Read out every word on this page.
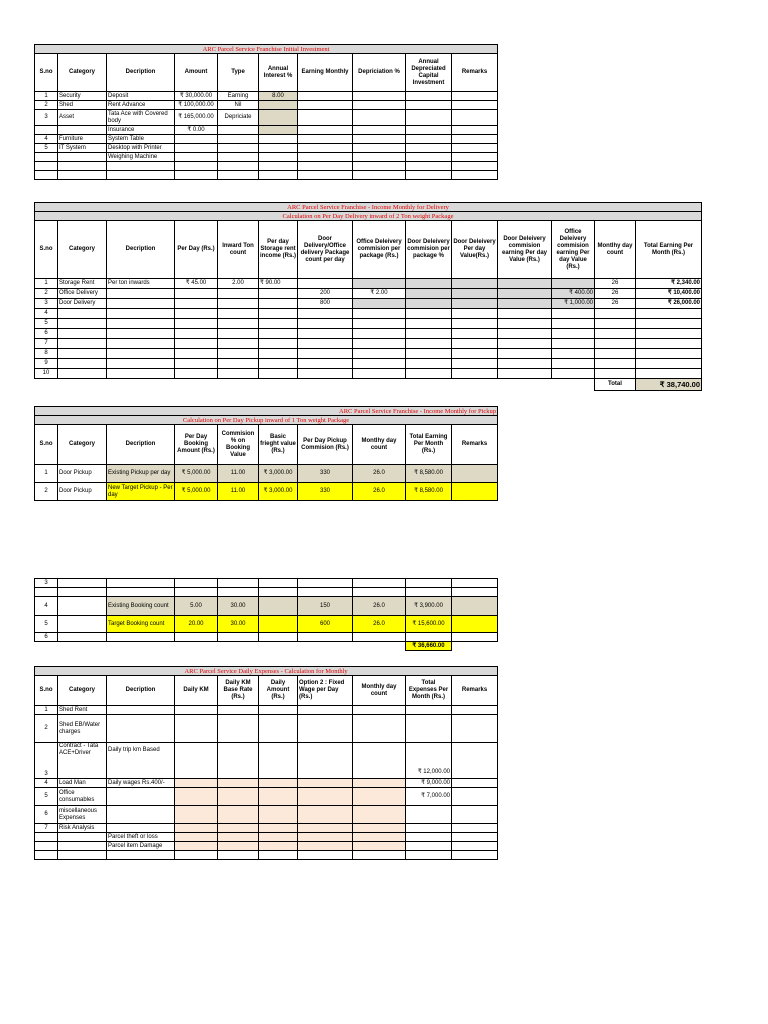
ARC Parcel Service Franchise Initial Investment									
S.no	Category	Decription	Amount	Type	Annual Interest %	Earning Monthly	Depriciation %	Annual Depreciated Capital Investment	Remarks
1	Security	Deposit	₹ 30,000.00	Earning	8.00				
2	Shed	Rent Advance	₹ 100,000.00	Nil					
3	Asset	Tata Ace with Covered body	₹ 165,000.00	Depriciate					
		Insurance	₹ 0.00						
4	Furniture	System Table							
5	IT System	Desktop with Printer							
		Weighing Machine							

ARC Parcel Service Franchise - Income Monthly for Delivery													
Calculation on Per Day Delivery inward of 2 Ton weight Package													
S.no	Category	Decription	Per Day (Rs.)	Inward Ton count	Per day Storage rent income (Rs.)	Door Delivery/Office delivery Package count per day	Office Deleivery commision per package (Rs.)	Door Deleivery commision per package %	Door Deleivery Per day Value(Rs.)	Door Deleivery commision earning Per day Value (Rs.)	Office Deleivery commision earning Per day Value (Rs.)	Montlhy day count	Total Earning Per Month (Rs.)
1	Storage Rent	Per ton inwards	₹ 45.00	2.00	₹ 90.00							26	₹ 2,340.00
2	Office Delivery					200	₹ 2.00				₹ 400.00	26	₹ 10,400.00
3	Door Delivery					800					₹ 1,000.00	26	₹ 26,000.00
4													
5													
6													
7													
8													
9													
10													
												Total	₹ 38,740.00
ARC Parcel Service Franchise - Income Monthly for Pickup									
Calculation on Per Day Pickup inward of 1 Ton weight Package									
S.no	Category	Decription	Per Day Booking Amount (Rs.)	Commision % on Booking Value	Basic frieght value (Rs.)	Per Day Pickup Commision (Rs.)	Montlhy day count	Total Earning Per Month (Rs.)	Remarks
1	Door Pickup	Existing Pickup per day	₹ 5,000.00	11.00	₹ 3,000.00	330	26.0	₹ 8,580.00	
2	Door Pickup	New Target Pickup - Per day	₹ 5,000.00	11.00	₹ 3,000.00	330	26.0	₹ 8,580.00	
3									

4		Existing Booking count	5.00	30.00		150	26.0	₹ 3,900.00	
5		Target Booking count	20.00	30.00		600	26.0	₹ 15,600.00	
6									
								₹ 36,660.00	
ARC Parcel Service Daily Expenses - Calculation for Monthly									
S.no	Category	Decription	Daily KM	Daily KM Base Rate (Rs.)	Daily Amount (Rs.)	Option 2 : Fixed Wage per Day (Rs.)	Monthly day count	Total Expenses Per Month (Rs.)	Remarks
1	Shed Rent								
2	Shed EB/Water charges								
3	Contract - Tata ACE+Driver	Daily trip km Based						₹ 12,000.00	
4	Load Man	Daily wages Rs.400/-						₹ 9,000.00	
5	Office consumables							₹ 7,000.00	
6	miscellaneous Expenses								
7	Risk Analysis								
		Parcel theft or loss							
		Parcel item Damage							
